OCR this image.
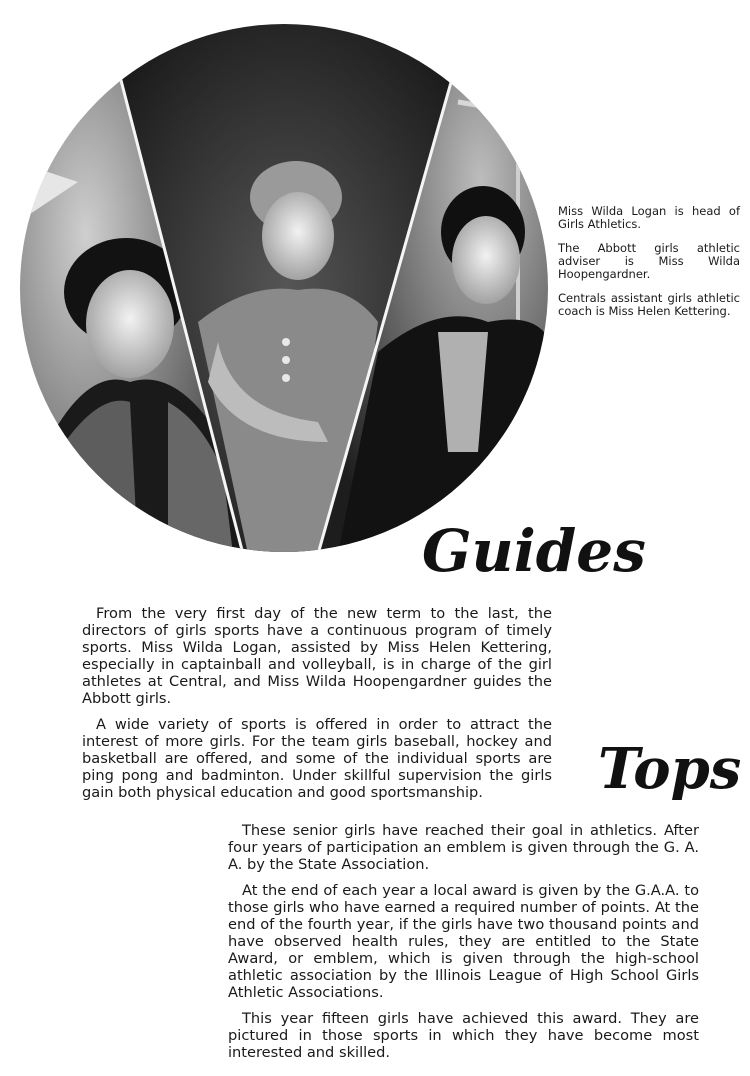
Miss Wilda Logan is head of Girls Athletics.

The Abbott girls athletic adviser is Miss Wilda Hoopengardner.

Centrals assistant girls athletic coach is Miss Helen Kettering.

Guides

From the very first day of the new term to the last, the directors of girls sports have a continuous program of timely sports. Miss Wilda Logan, assisted by Miss Helen Kettering, especially in captainball and volleyball, is in charge of the girl athletes at Central, and Miss Wilda Hoopengardner guides the Abbott girls.

A wide variety of sports is offered in order to attract the interest of more girls. For the team girls baseball, hockey and basketball are offered, and some of the individual sports are ping pong and badminton. Under skillful supervision the girls gain both physical education and good sportsmanship.	Tops

These senior girls have reached their goal in athletics. After four years of participation an emblem is given through the G. A. A. by the State Association.

At the end of each year a local award is given by the G.A.A. to those girls who have earned a required number of points. At the end of the fourth year, if the girls have two thousand points and have observed health rules, they are entitled to the State Award, or emblem, which is given through the high-school athletic association by the Illinois League of High School Girls Athletic Associations.

This year fifteen girls have achieved this award. They are pictured in those sports in which they have become most interested and skilled.
